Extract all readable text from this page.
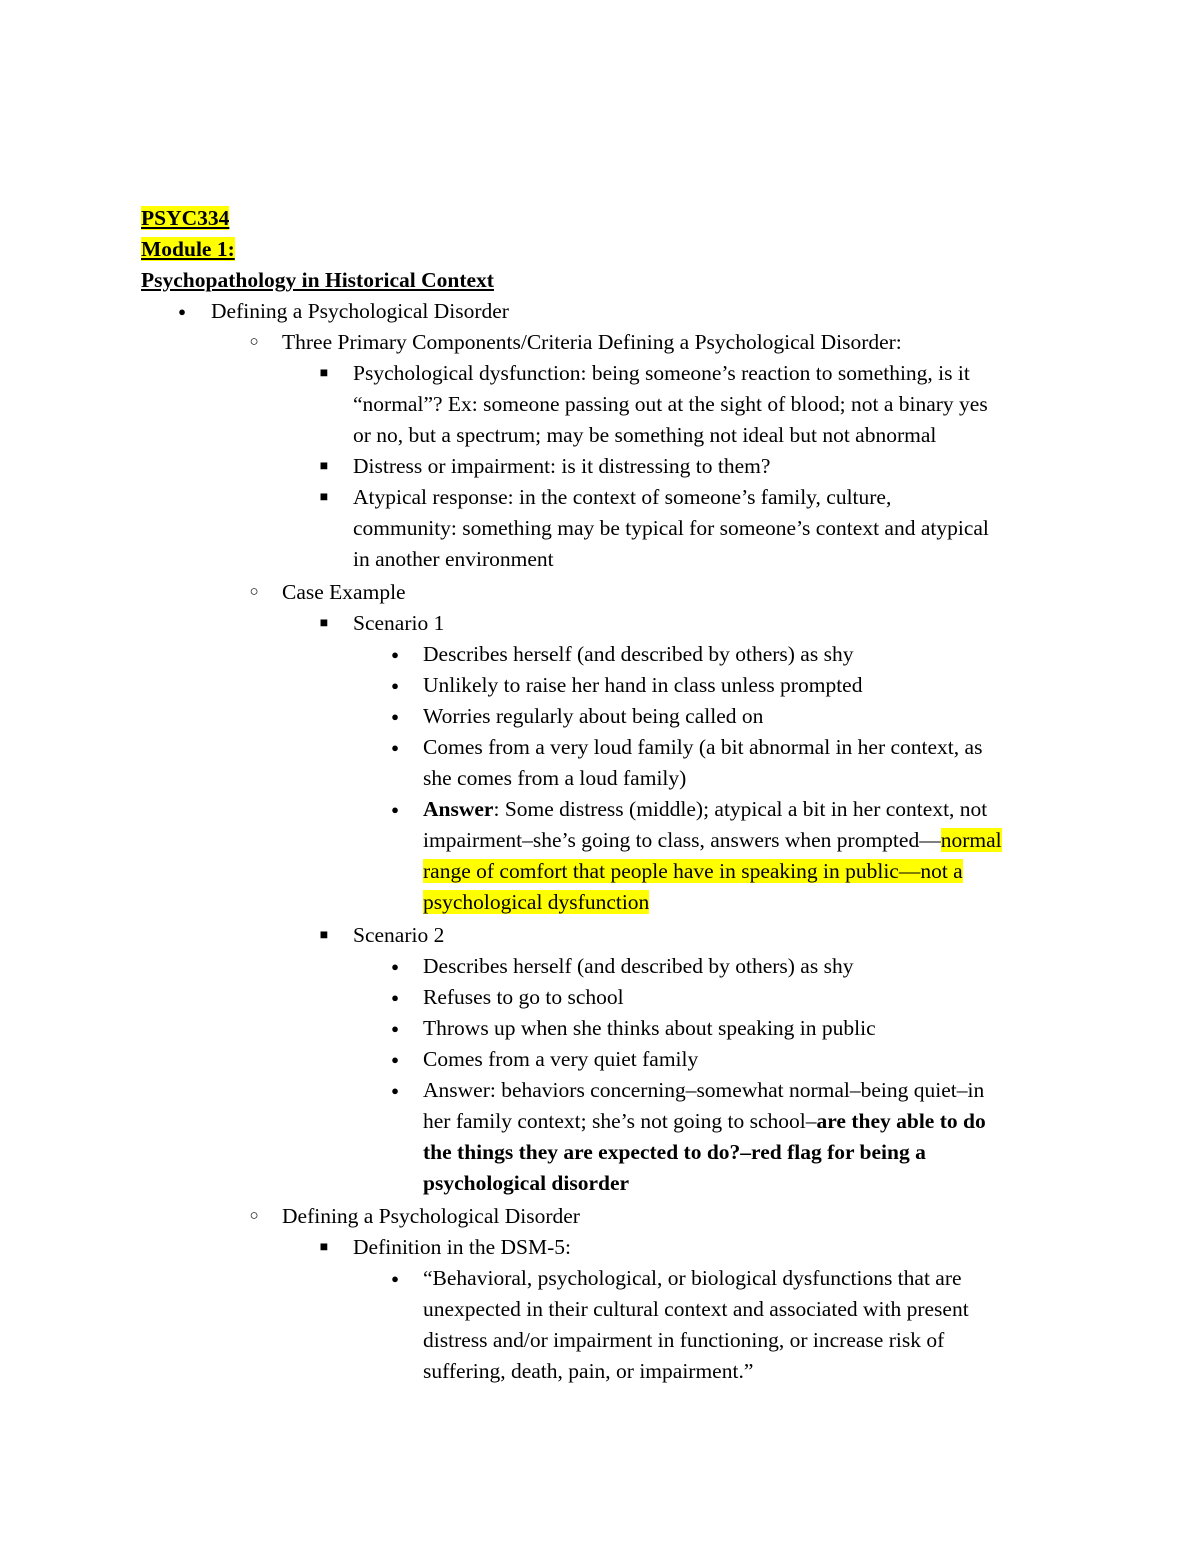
PSYC334
Module 1:
Psychopathology in Historical Context
● Defining a Psychological Disorder
○ Three Primary Components/Criteria Defining a Psychological Disorder:
■ Psychological dysfunction: being someone’s reaction to something, is it
“normal”? Ex: someone passing out at the sight of blood; not a binary yes
or no, but a spectrum; may be something not ideal but not abnormal
■ Distress or impairment: is it distressing to them?
■ Atypical response: in the context of someone’s family, culture,
community: something may be typical for someone’s context and atypical
in another environment
○ Case Example
■ Scenario 1
● Describes herself (and described by others) as shy
● Unlikely to raise her hand in class unless prompted
● Worries regularly about being called on
● Comes from a very loud family (a bit abnormal in her context, as
she comes from a loud family)
● Answer: Some distress (middle); atypical a bit in her context, not
impairment–she’s going to class, answers when prompted—normal
range of comfort that people have in speaking in public—not a
psychological dysfunction
■ Scenario 2
● Describes herself (and described by others) as shy
● Refuses to go to school
● Throws up when she thinks about speaking in public
● Comes from a very quiet family
● Answer: behaviors concerning–somewhat normal–being quiet–in
her family context; she’s not going to school–are they able to do
the things they are expected to do?–red flag for being a
psychological disorder
○ Defining a Psychological Disorder
■ Definition in the DSM-5:
● “Behavioral, psychological, or biological dysfunctions that are
unexpected in their cultural context and associated with present
distress and/or impairment in functioning, or increase risk of
suffering, death, pain, or impairment.”
